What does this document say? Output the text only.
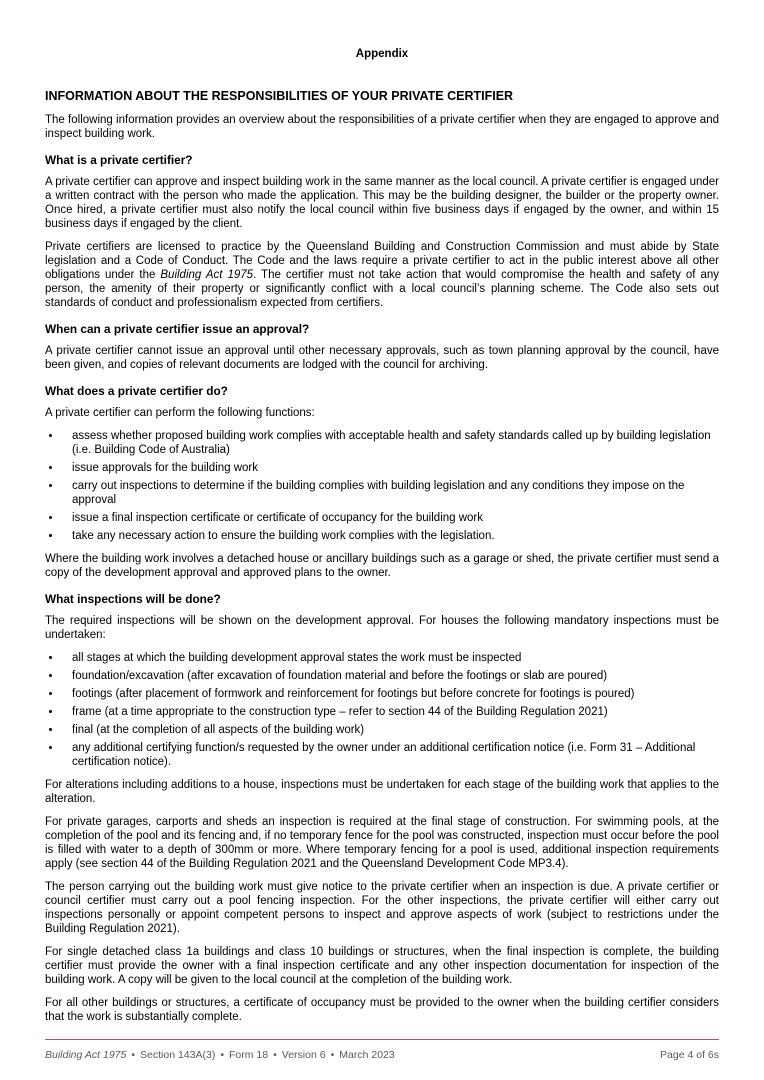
Appendix
INFORMATION ABOUT THE RESPONSIBILITIES OF YOUR PRIVATE CERTIFIER

The following information provides an overview about the responsibilities of a private certifier when they are engaged to approve and inspect building work.

What is a private certifier?

A private certifier can approve and inspect building work in the same manner as the local council. A private certifier is engaged under a written contract with the person who made the application. This may be the building designer, the builder or the property owner. Once hired, a private certifier must also notify the local council within five business days if engaged by the owner, and within 15 business days if engaged by the client.

Private certifiers are licensed to practice by the Queensland Building and Construction Commission and must abide by State legislation and a Code of Conduct. The Code and the laws require a private certifier to act in the public interest above all other obligations under the Building Act 1975. The certifier must not take action that would compromise the health and safety of any person, the amenity of their property or significantly conflict with a local council’s planning scheme. The Code also sets out standards of conduct and professionalism expected from certifiers.

When can a private certifier issue an approval?

A private certifier cannot issue an approval until other necessary approvals, such as town planning approval by the council, have been given, and copies of relevant documents are lodged with the council for archiving.

What does a private certifier do?

A private certifier can perform the following functions:

• assess whether proposed building work complies with acceptable health and safety standards called up by building legislation (i.e. Building Code of Australia)
• issue approvals for the building work
• carry out inspections to determine if the building complies with building legislation and any conditions they impose on the approval
• issue a final inspection certificate or certificate of occupancy for the building work
• take any necessary action to ensure the building work complies with the legislation.

Where the building work involves a detached house or ancillary buildings such as a garage or shed, the private certifier must send a copy of the development approval and approved plans to the owner.

What inspections will be done?

The required inspections will be shown on the development approval. For houses the following mandatory inspections must be undertaken:

• all stages at which the building development approval states the work must be inspected
• foundation/excavation (after excavation of foundation material and before the footings or slab are poured)
• footings (after placement of formwork and reinforcement for footings but before concrete for footings is poured)
• frame (at a time appropriate to the construction type – refer to section 44 of the Building Regulation 2021)
• final (at the completion of all aspects of the building work)
• any additional certifying function/s requested by the owner under an additional certification notice (i.e. Form 31 – Additional certification notice).

For alterations including additions to a house, inspections must be undertaken for each stage of the building work that applies to the alteration.

For private garages, carports and sheds an inspection is required at the final stage of construction. For swimming pools, at the completion of the pool and its fencing and, if no temporary fence for the pool was constructed, inspection must occur before the pool is filled with water to a depth of 300mm or more. Where temporary fencing for a pool is used, additional inspection requirements apply (see section 44 of the Building Regulation 2021 and the Queensland Development Code MP3.4).

The person carrying out the building work must give notice to the private certifier when an inspection is due. A private certifier or council certifier must carry out a pool fencing inspection. For the other inspections, the private certifier will either carry out inspections personally or appoint competent persons to inspect and approve aspects of work (subject to restrictions under the Building Regulation 2021).

For single detached class 1a buildings and class 10 buildings or structures, when the final inspection is complete, the building certifier must provide the owner with a final inspection certificate and any other inspection documentation for inspection of the building work. A copy will be given to the local council at the completion of the building work.

For all other buildings or structures, a certificate of occupancy must be provided to the owner when the building certifier considers that the work is substantially complete.

Building Act 1975 • Section 143A(3) • Form 18 • Version 6 • March 2023	Page 4 of 6s
